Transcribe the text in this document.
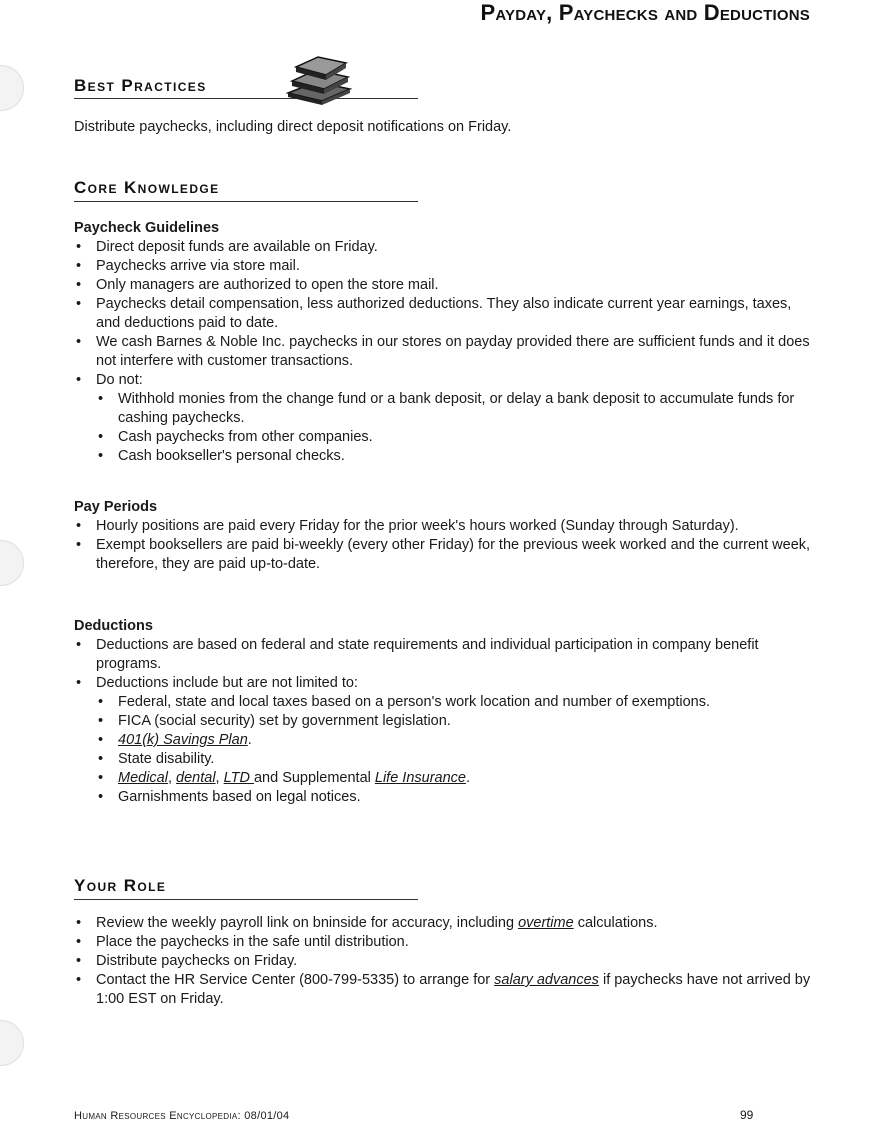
Payday, Paychecks and Deductions
Best Practices
Distribute paychecks, including direct deposit notifications on Friday.
Core Knowledge

Paycheck Guidelines

• Direct deposit funds are available on Friday.
• Paychecks arrive via store mail.
• Only managers are authorized to open the store mail.
• Paychecks detail compensation, less authorized deductions. They also indicate current year earnings, taxes, and deductions paid to date.
• We cash Barnes & Noble Inc. paychecks in our stores on payday provided there are sufficient funds and it does not interfere with customer transactions.
• Do not:
• Withhold monies from the change fund or a bank deposit, or delay a bank deposit to accumulate funds for cashing paychecks.
• Cash paychecks from other companies.
• Cash bookseller's personal checks.

Pay Periods

• Hourly positions are paid every Friday for the prior week's hours worked (Sunday through Saturday).
• Exempt booksellers are paid bi-weekly (every other Friday) for the previous week worked and the current week, therefore, they are paid up-to-date.

Deductions

• Deductions are based on federal and state requirements and individual participation in company benefit programs.
• Deductions include but are not limited to:
• Federal, state and local taxes based on a person's work location and number of exemptions.
• FICA (social security) set by government legislation.
• 401(k) Savings Plan.
• State disability.
• Medical, dental, LTD and Supplemental Life Insurance.
• Garnishments based on legal notices.
Your Role
• Review the weekly payroll link on bninside for accuracy, including overtime calculations.
• Place the paychecks in the safe until distribution.
• Distribute paychecks on Friday.
• Contact the HR Service Center (800-799-5335) to arrange for salary advances if paychecks have not arrived by 1:00 EST on Friday.
Human Resources Encyclopedia: 08/01/04	99
